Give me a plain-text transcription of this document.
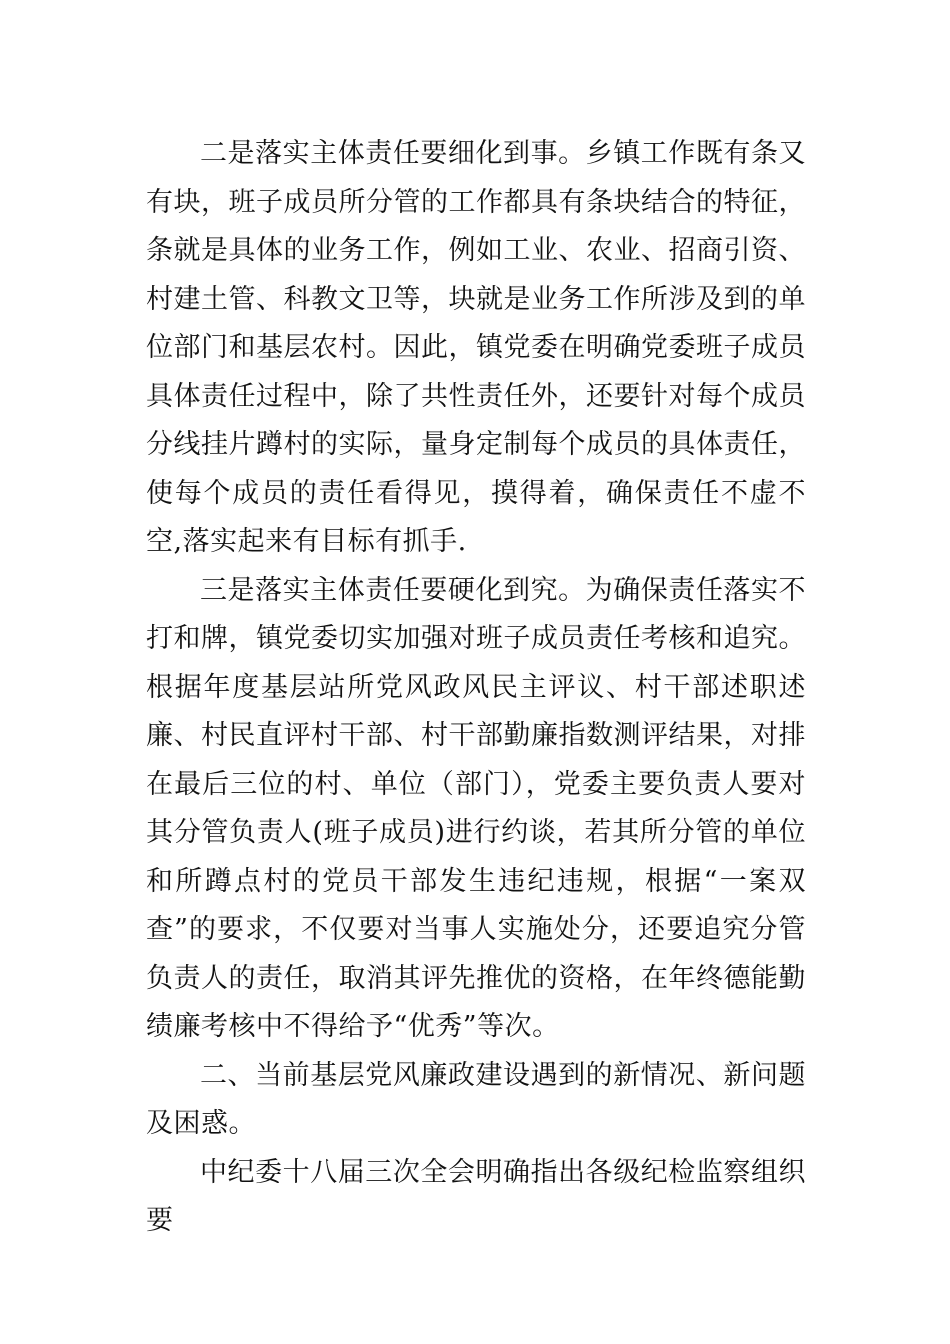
二是落实主体责任要细化到事。乡镇工作既有条又有块，班子成员所分管的工作都具有条块结合的特征，条就是具体的业务工作，例如工业、农业、招商引资、村建土管、科教文卫等，块就是业务工作所涉及到的单位部门和基层农村。因此，镇党委在明确党委班子成员具体责任过程中，除了共性责任外，还要针对每个成员分线挂片蹲村的实际，量身定制每个成员的具体责任，使每个成员的责任看得见，摸得着，确保责任不虚不空,落实起来有目标有抓手.

三是落实主体责任要硬化到究。为确保责任落实不打和牌，镇党委切实加强对班子成员责任考核和追究。根据年度基层站所党风政风民主评议、村干部述职述廉、村民直评村干部、村干部勤廉指数测评结果，对排在最后三位的村、单位（部门），党委主要负责人要对其分管负责人(班子成员)进行约谈，若其所分管的单位和所蹲点村的党员干部发生违纪违规，根据“一案双查”的要求，不仅要对当事人实施处分，还要追究分管负责人的责任，取消其评先推优的资格，在年终德能勤绩廉考核中不得给予“优秀”等次。

二、当前基层党风廉政建设遇到的新情况、新问题及困惑。

中纪委十八届三次全会明确指出各级纪检监察组织要
